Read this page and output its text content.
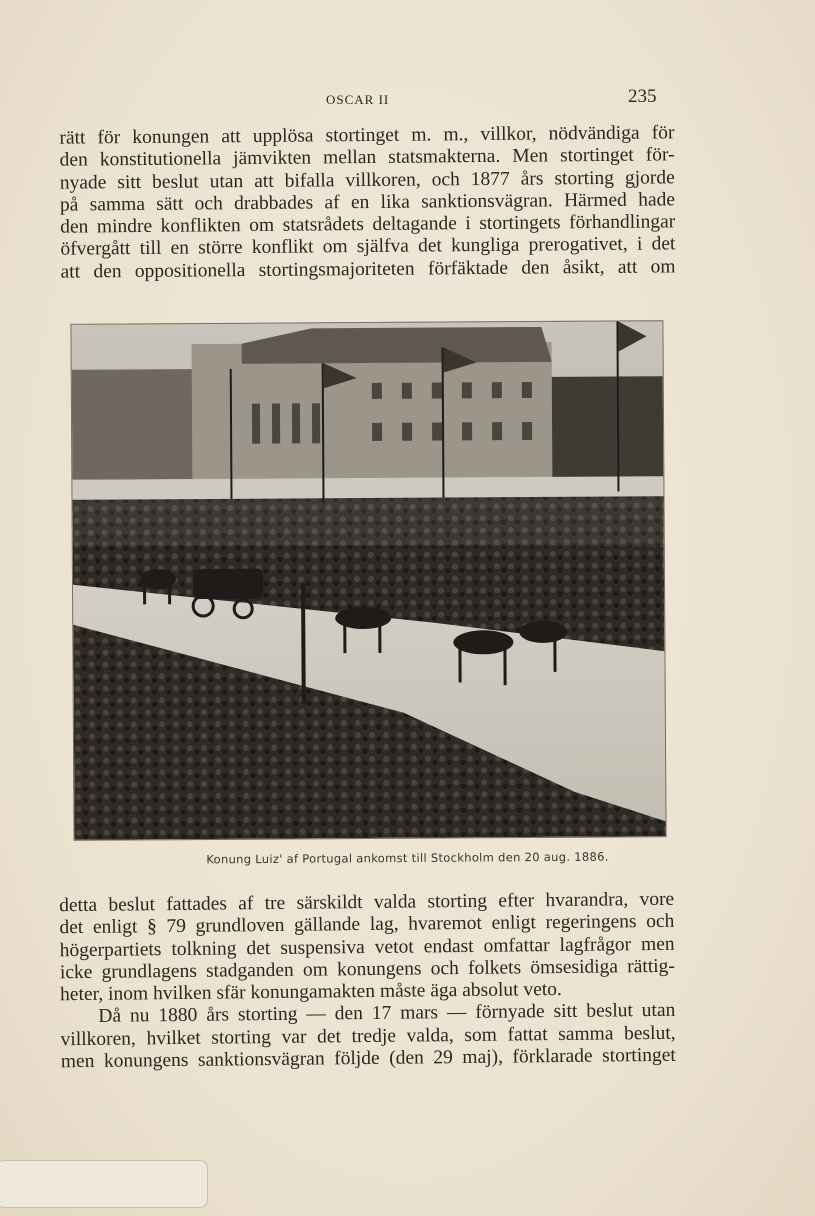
OSCAR II	235
rätt för konungen att upplösa stortinget m. m., villkor, nödvändiga för
den konstitutionella jämvikten mellan statsmakterna. Men stortinget för-
nyade sitt beslut utan att bifalla villkoren, och 1877 års storting gjorde
på samma sätt och drabbades af en lika sanktionsvägran. Härmed hade
den mindre konflikten om statsrådets deltagande i stortingets förhandlingar
öfvergått till en större konflikt om själfva det kungliga prerogativet, i det
att den oppositionella stortingsmajoriteten förfäktade den åsikt, att om
Konung Luiz' af Portugal ankomst till Stockholm den 20 aug. 1886.
detta beslut fattades af tre särskildt valda storting efter hvarandra, vore
det enligt § 79 grundloven gällande lag, hvaremot enligt regeringens och
högerpartiets tolkning det suspensiva vetot endast omfattar lagfrågor men
icke grundlagens stadganden om konungens och folkets ömsesidiga rättig-
heter, inom hvilken sfär konungamakten måste äga absolut veto.
Då nu 1880 års storting — den 17 mars — förnyade sitt beslut utan
villkoren, hvilket storting var det tredje valda, som fattat samma beslut,
men konungens sanktionsvägran följde (den 29 maj), förklarade stortinget
